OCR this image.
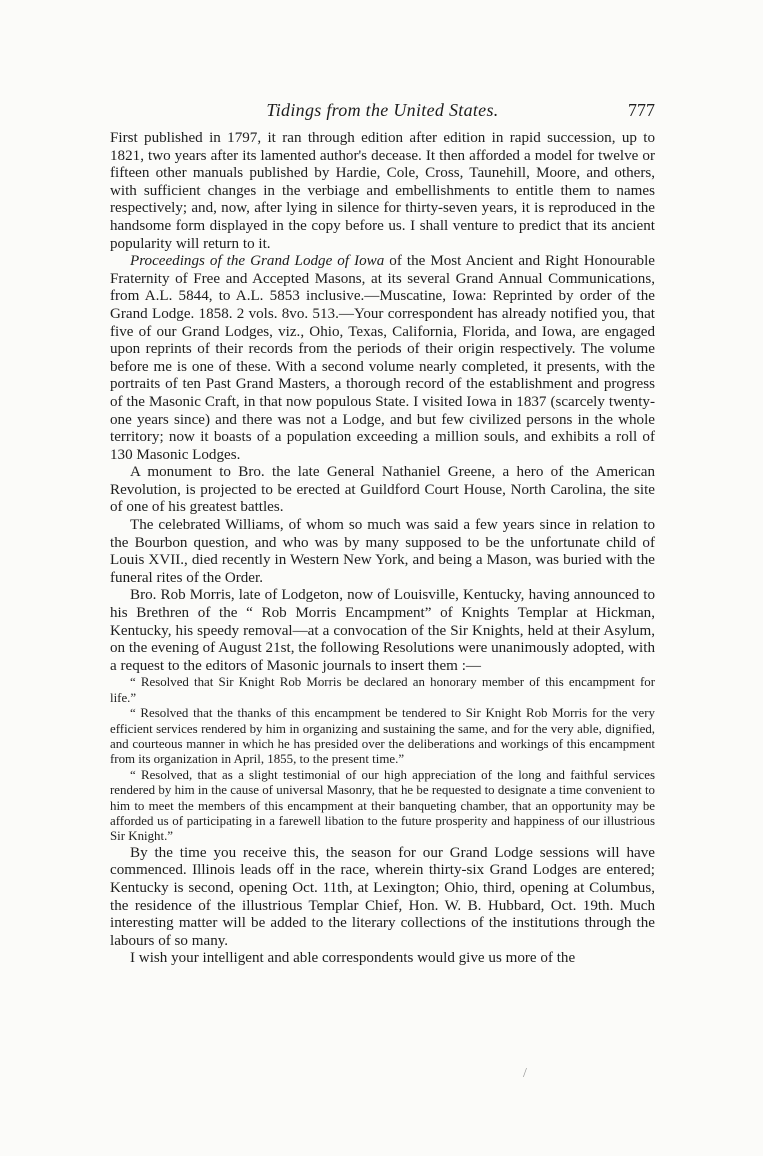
Tidings from the United States.	777

First published in 1797, it ran through edition after edition in rapid succession, up to 1821, two years after its lamented author's decease. It then afforded a model for twelve or fifteen other manuals published by Hardie, Cole, Cross, Taunehill, Moore, and others, with sufficient changes in the verbiage and embellishments to entitle them to names respectively; and, now, after lying in silence for thirty-seven years, it is reproduced in the handsome form displayed in the copy before us. I shall venture to predict that its ancient popularity will return to it.

Proceedings of the Grand Lodge of Iowa of the Most Ancient and Right Honourable Fraternity of Free and Accepted Masons, at its several Grand Annual Communications, from A.L. 5844, to A.L. 5853 inclusive.—Muscatine, Iowa: Reprinted by order of the Grand Lodge. 1858. 2 vols. 8vo. 513.—Your correspondent has already notified you, that five of our Grand Lodges, viz., Ohio, Texas, California, Florida, and Iowa, are engaged upon reprints of their records from the periods of their origin respectively. The volume before me is one of these. With a second volume nearly completed, it presents, with the portraits of ten Past Grand Masters, a thorough record of the establishment and progress of the Masonic Craft, in that now populous State. I visited Iowa in 1837 (scarcely twenty-one years since) and there was not a Lodge, and but few civilized persons in the whole territory; now it boasts of a population exceeding a million souls, and exhibits a roll of 130 Masonic Lodges.

A monument to Bro. the late General Nathaniel Greene, a hero of the American Revolution, is projected to be erected at Guildford Court House, North Carolina, the site of one of his greatest battles.

The celebrated Williams, of whom so much was said a few years since in relation to the Bourbon question, and who was by many supposed to be the unfortunate child of Louis XVII., died recently in Western New York, and being a Mason, was buried with the funeral rites of the Order.

Bro. Rob Morris, late of Lodgeton, now of Louisville, Kentucky, having announced to his Brethren of the “ Rob Morris Encampment” of Knights Templar at Hickman, Kentucky, his speedy removal—at a convocation of the Sir Knights, held at their Asylum, on the evening of August 21st, the following Resolutions were unanimously adopted, with a request to the editors of Masonic journals to insert them :—

“ Resolved that Sir Knight Rob Morris be declared an honorary member of this encampment for life.”

“ Resolved that the thanks of this encampment be tendered to Sir Knight Rob Morris for the very efficient services rendered by him in organizing and sustaining the same, and for the very able, dignified, and courteous manner in which he has presided over the deliberations and workings of this encampment from its organization in April, 1855, to the present time.”

“ Resolved, that as a slight testimonial of our high appreciation of the long and faithful services rendered by him in the cause of universal Masonry, that he be requested to designate a time convenient to him to meet the members of this encampment at their banqueting chamber, that an opportunity may be afforded us of participating in a farewell libation to the future prosperity and happiness of our illustrious Sir Knight.”

By the time you receive this, the season for our Grand Lodge sessions will have commenced. Illinois leads off in the race, wherein thirty-six Grand Lodges are entered; Kentucky is second, opening Oct. 11th, at Lexington; Ohio, third, opening at Columbus, the residence of the illustrious Templar Chief, Hon. W. B. Hubbard, Oct. 19th. Much interesting matter will be added to the literary collections of the institutions through the labours of so many.

I wish your intelligent and able correspondents would give us more of the

/
